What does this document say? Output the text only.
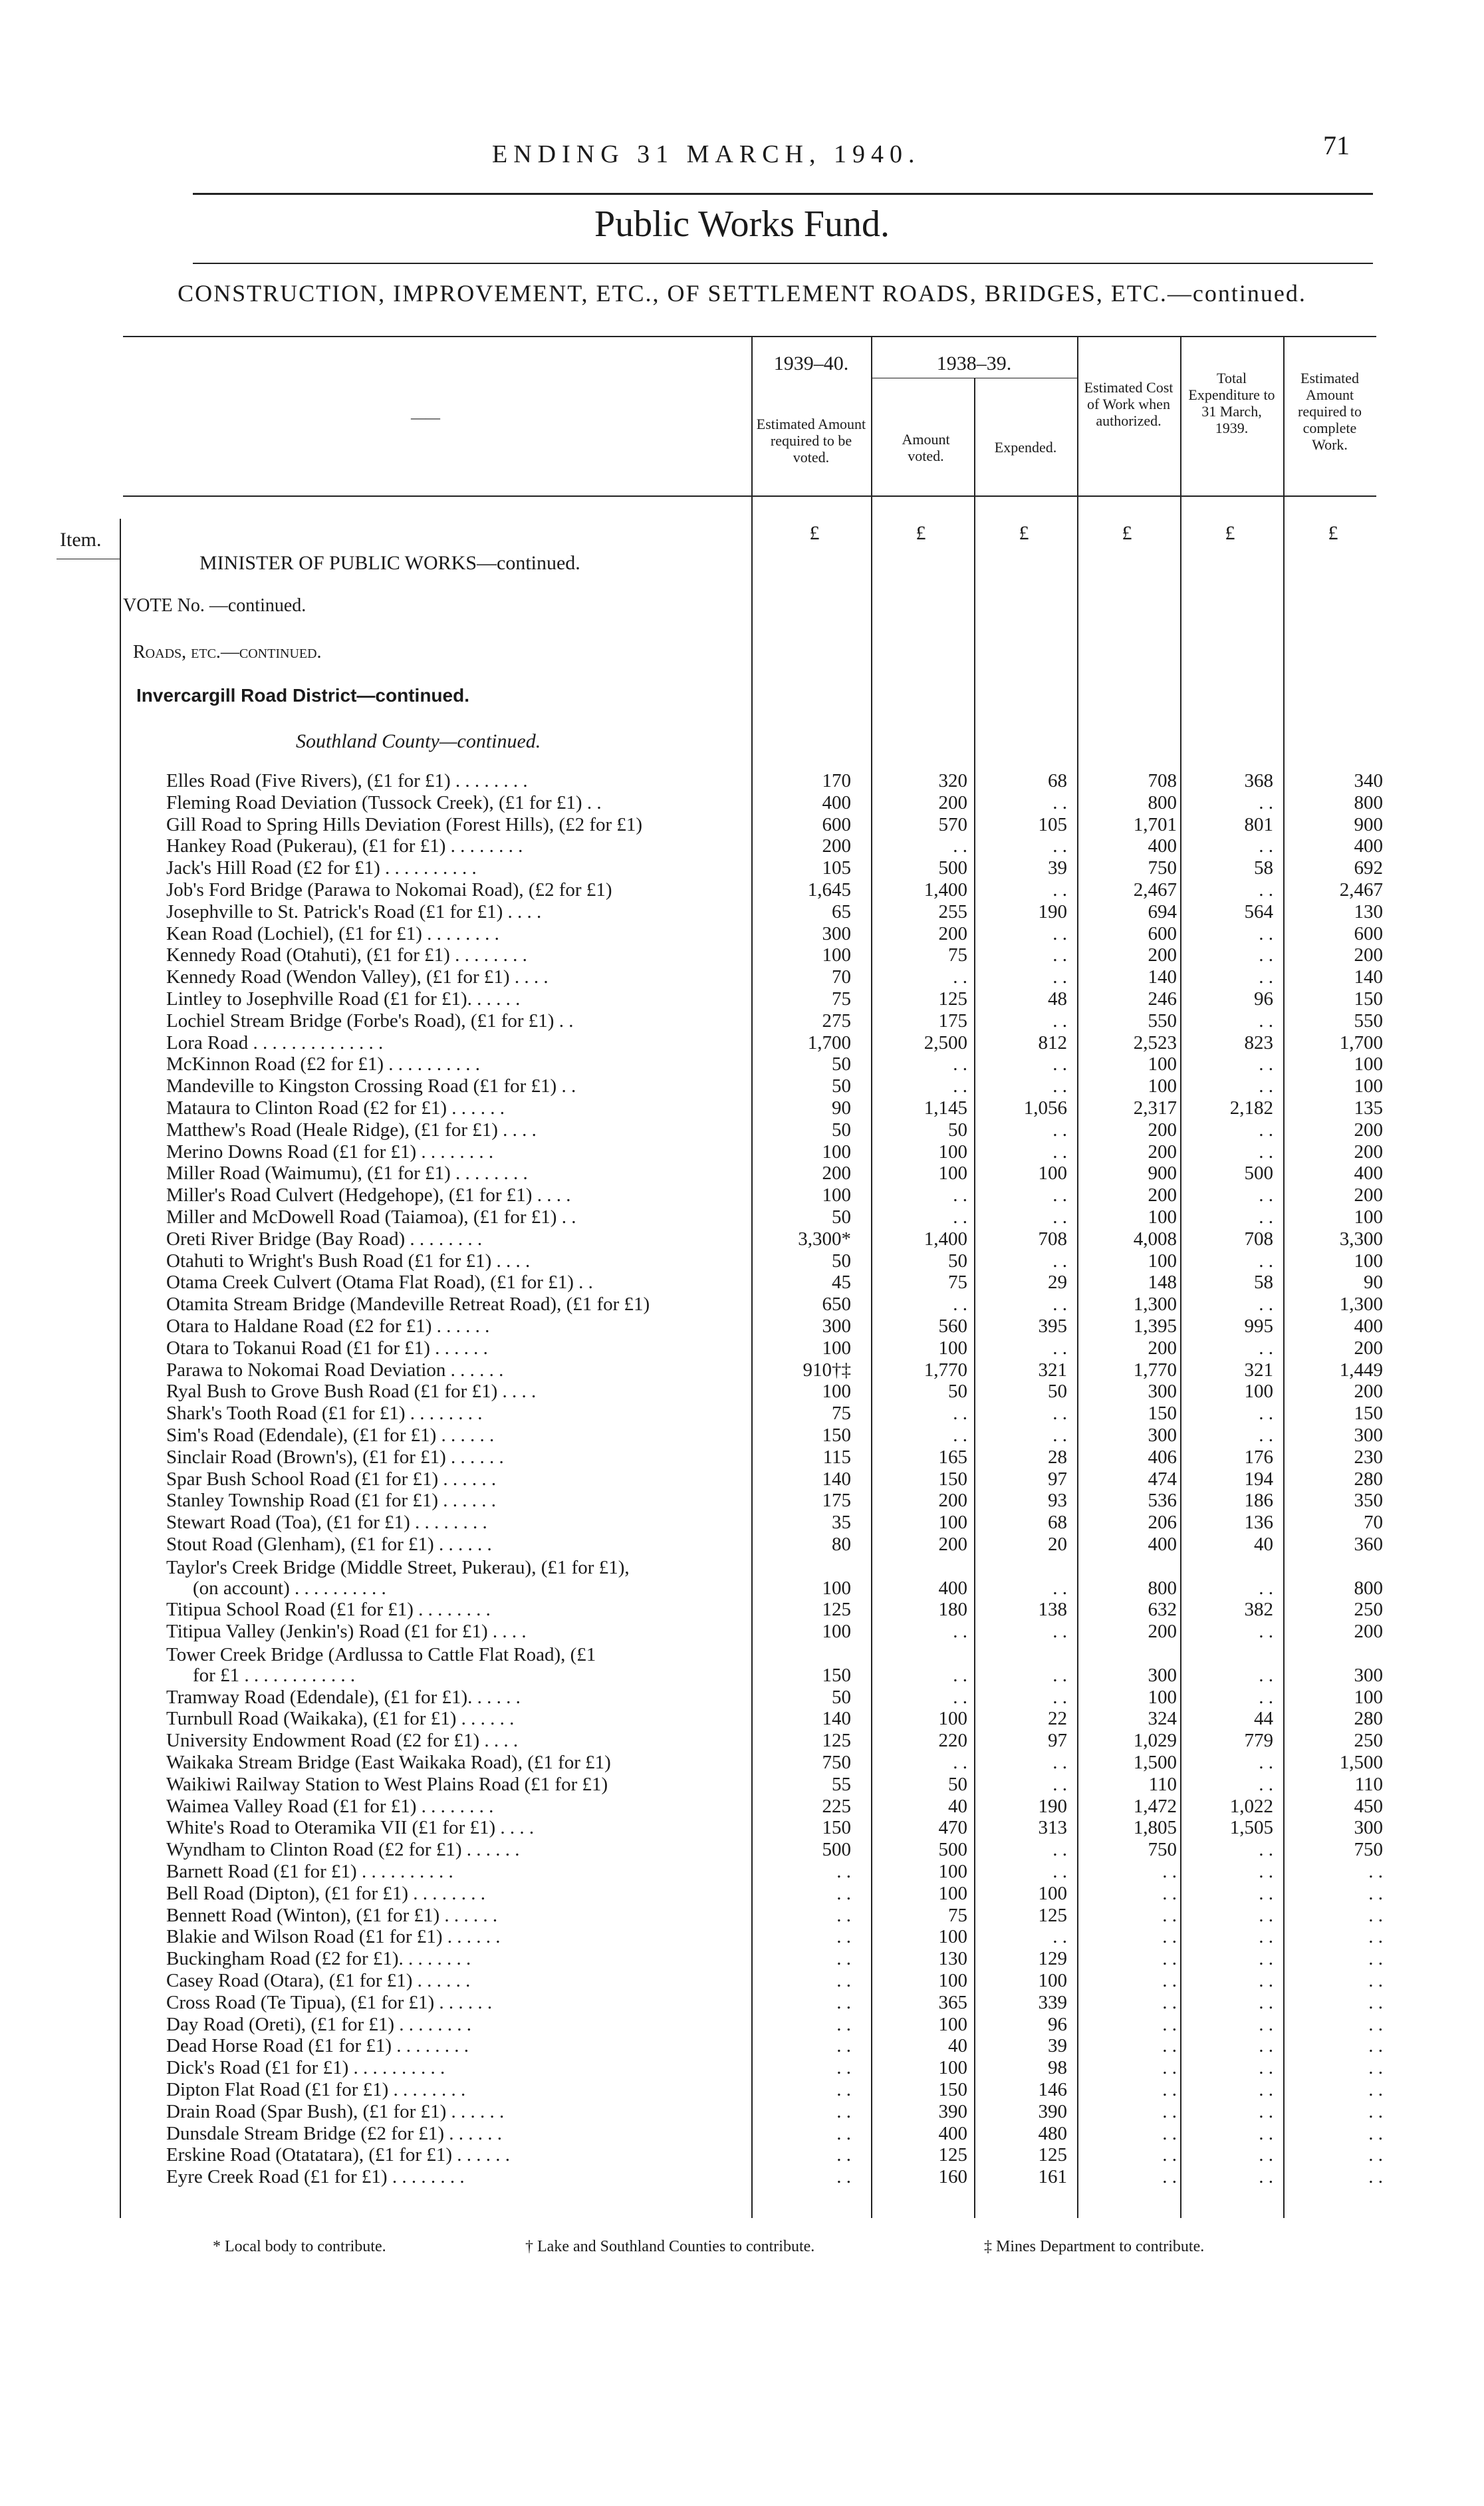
ENDING 31 MARCH, 1940.	71
Public Works Fund.
CONSTRUCTION, IMPROVEMENT, ETC., OF SETTLEMENT ROADS, BRIDGES, ETC.—continued.
——
1939–40.
Estimated Amount required to be voted.
1938–39.
Amount voted.
Expended.
Estimated Cost of Work when authorized.
Total Expenditure to 31 March, 1939.
Estimated Amount required to complete Work.
£	£	£	£	£	£
Item.
MINISTER OF PUBLIC WORKS—continued.
VOTE No. —continued.
Roads, etc.—continued.
Invercargill Road District—continued.
Southland County—continued.
Elles Road (Five Rivers), (£1 for £1) . . . . . . . .	170	320	68	708	368	340
Fleming Road Deviation (Tussock Creek), (£1 for £1) . .	400	200	. .	800	. .	800
Gill Road to Spring Hills Deviation (Forest Hills), (£2 for £1)	600	570	105	1,701	801	900
Hankey Road (Pukerau), (£1 for £1) . . . . . . . .	200	. .	. .	400	. .	400
Jack's Hill Road (£2 for £1) . . . . . . . . . .	105	500	39	750	58	692
Job's Ford Bridge (Parawa to Nokomai Road), (£2 for £1)	1,645	1,400	. .	2,467	. .	2,467
Josephville to St. Patrick's Road (£1 for £1) . . . .	65	255	190	694	564	130
Kean Road (Lochiel), (£1 for £1) . . . . . . . .	300	200	. .	600	. .	600
Kennedy Road (Otahuti), (£1 for £1) . . . . . . . .	100	75	. .	200	. .	200
Kennedy Road (Wendon Valley), (£1 for £1) . . . .	70	. .	. .	140	. .	140
Lintley to Josephville Road (£1 for £1). . . . . .	75	125	48	246	96	150
Lochiel Stream Bridge (Forbe's Road), (£1 for £1) . .	275	175	. .	550	. .	550
Lora Road . . . . . . . . . . . . . .	1,700	2,500	812	2,523	823	1,700
McKinnon Road (£2 for £1) . . . . . . . . . .	50	. .	. .	100	. .	100
Mandeville to Kingston Crossing Road (£1 for £1) . .	50	. .	. .	100	. .	100
Mataura to Clinton Road (£2 for £1) . . . . . .	90	1,145	1,056	2,317	2,182	135
Matthew's Road (Heale Ridge), (£1 for £1) . . . .	50	50	. .	200	. .	200
Merino Downs Road (£1 for £1) . . . . . . . .	100	100	. .	200	. .	200
Miller Road (Waimumu), (£1 for £1) . . . . . . . .	200	100	100	900	500	400
Miller's Road Culvert (Hedgehope), (£1 for £1) . . . .	100	. .	. .	200	. .	200
Miller and McDowell Road (Taiamoa), (£1 for £1) . .	50	. .	. .	100	. .	100
Oreti River Bridge (Bay Road) . . . . . . . .	3,300*	1,400	708	4,008	708	3,300
Otahuti to Wright's Bush Road (£1 for £1) . . . .	50	50	. .	100	. .	100
Otama Creek Culvert (Otama Flat Road), (£1 for £1) . .	45	75	29	148	58	90
Otamita Stream Bridge (Mandeville Retreat Road), (£1 for £1)	650	. .	. .	1,300	. .	1,300
Otara to Haldane Road (£2 for £1) . . . . . .	300	560	395	1,395	995	400
Otara to Tokanui Road (£1 for £1) . . . . . .	100	100	. .	200	. .	200
Parawa to Nokomai Road Deviation . . . . . .	910†‡	1,770	321	1,770	321	1,449
Ryal Bush to Grove Bush Road (£1 for £1) . . . .	100	50	50	300	100	200
Shark's Tooth Road (£1 for £1) . . . . . . . .	75	. .	. .	150	. .	150
Sim's Road (Edendale), (£1 for £1) . . . . . .	150	. .	. .	300	. .	300
Sinclair Road (Brown's), (£1 for £1) . . . . . .	115	165	28	406	176	230
Spar Bush School Road (£1 for £1) . . . . . .	140	150	97	474	194	280
Stanley Township Road (£1 for £1) . . . . . .	175	200	93	536	186	350
Stewart Road (Toa), (£1 for £1) . . . . . . . .	35	100	68	206	136	70
Stout Road (Glenham), (£1 for £1) . . . . . .	80	200	20	400	40	360
Taylor's Creek Bridge (Middle Street, Pukerau), (£1 for £1),
(on account) . . . . . . . . . .	100	400	. .	800	. .	800
Titipua School Road (£1 for £1) . . . . . . . .	125	180	138	632	382	250
Titipua Valley (Jenkin's) Road (£1 for £1) . . . .	100	. .	. .	200	. .	200
Tower Creek Bridge (Ardlussa to Cattle Flat Road), (£1
for £1 . . . . . . . . . . . .	150	. .	. .	300	. .	300
Tramway Road (Edendale), (£1 for £1). . . . . .	50	. .	. .	100	. .	100
Turnbull Road (Waikaka), (£1 for £1) . . . . . .	140	100	22	324	44	280
University Endowment Road (£2 for £1) . . . .	125	220	97	1,029	779	250
Waikaka Stream Bridge (East Waikaka Road), (£1 for £1)	750	. .	. .	1,500	. .	1,500
Waikiwi Railway Station to West Plains Road (£1 for £1)	55	50	. .	110	. .	110
Waimea Valley Road (£1 for £1) . . . . . . . .	225	40	190	1,472	1,022	450
White's Road to Oteramika VII (£1 for £1) . . . .	150	470	313	1,805	1,505	300
Wyndham to Clinton Road (£2 for £1) . . . . . .	500	500	. .	750	. .	750
Barnett Road (£1 for £1) . . . . . . . . . .	. .	100	. .	. .	. .	. .
Bell Road (Dipton), (£1 for £1) . . . . . . . .	. .	100	100	. .	. .	. .
Bennett Road (Winton), (£1 for £1) . . . . . .	. .	75	125	. .	. .	. .
Blakie and Wilson Road (£1 for £1) . . . . . .	. .	100	. .	. .	. .	. .
Buckingham Road (£2 for £1). . . . . . . .	. .	130	129	. .	. .	. .
Casey Road (Otara), (£1 for £1) . . . . . .	. .	100	100	. .	. .	. .
Cross Road (Te Tipua), (£1 for £1) . . . . . .	. .	365	339	. .	. .	. .
Day Road (Oreti), (£1 for £1) . . . . . . . .	. .	100	96	. .	. .	. .
Dead Horse Road (£1 for £1) . . . . . . . .	. .	40	39	. .	. .	. .
Dick's Road (£1 for £1) . . . . . . . . . .	. .	100	98	. .	. .	. .
Dipton Flat Road (£1 for £1) . . . . . . . .	. .	150	146	. .	. .	. .
Drain Road (Spar Bush), (£1 for £1) . . . . . .	. .	390	390	. .	. .	. .
Dunsdale Stream Bridge (£2 for £1) . . . . . .	. .	400	480	. .	. .	. .
Erskine Road (Otatatara), (£1 for £1) . . . . . .	. .	125	125	. .	. .	. .
Eyre Creek Road (£1 for £1) . . . . . . . .	. .	160	161	. .	. .	. .
* Local body to contribute.	† Lake and Southland Counties to contribute.	‡ Mines Department to contribute.
